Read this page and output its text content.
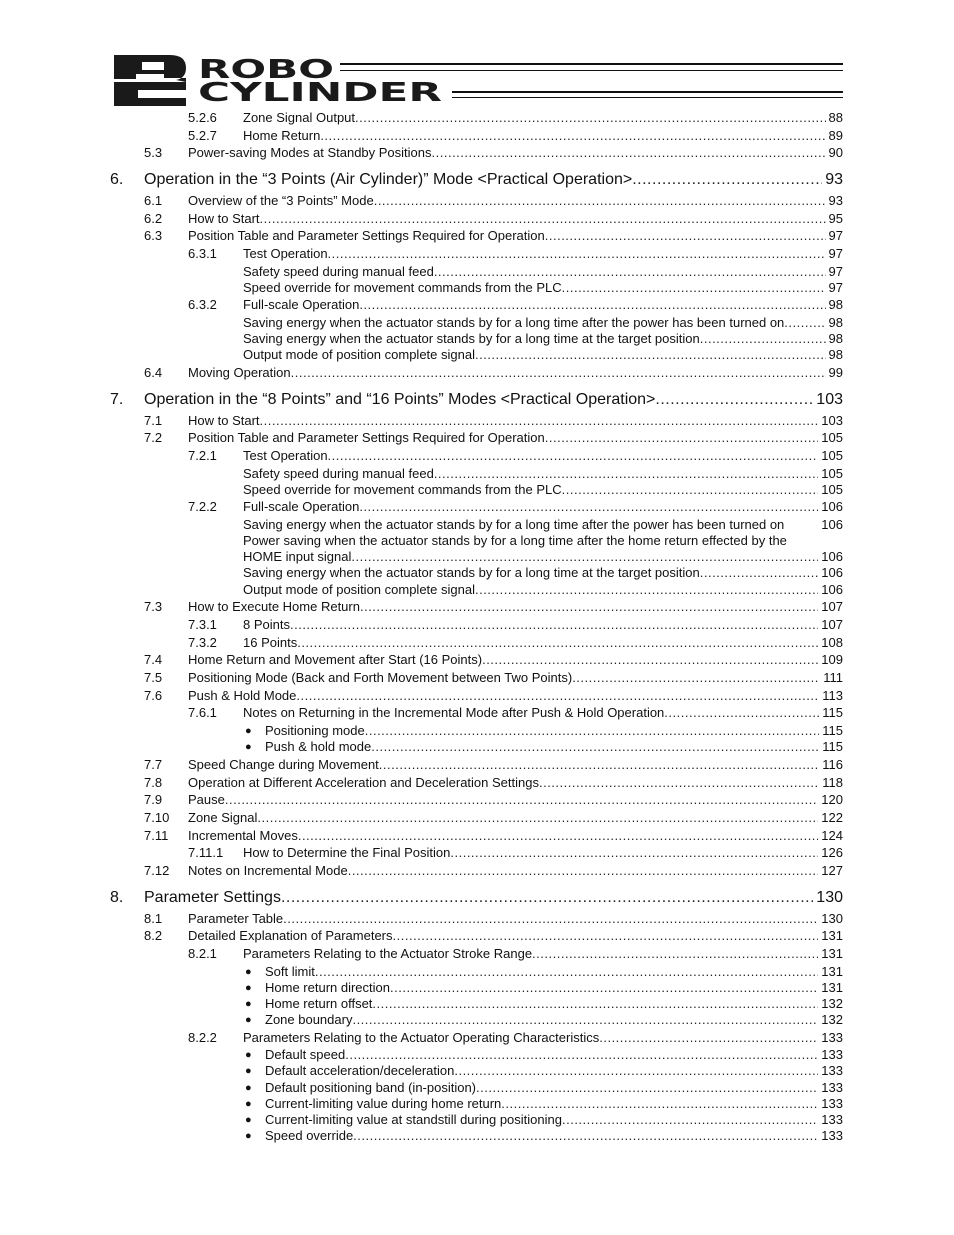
ROBO
CYLINDER
5.2.6 Zone Signal Output .....	88
5.2.7 Home Return .....	89
5.3 Power-saving Modes at Standby Positions .....	90
6. Operation in the “3 Points (Air Cylinder)” Mode <Practical Operation> .....	93
6.1 Overview of the “3 Points” Mode .....	93
6.2 How to Start .....	95
6.3 Position Table and Parameter Settings Required for Operation .....	97
6.3.1 Test Operation .....	97
Safety speed during manual feed .....	97
Speed override for movement commands from the PLC .....	97
6.3.2 Full-scale Operation .....	98
Saving energy when the actuator stands by for a long time after the power has been turned on .....	98
Saving energy when the actuator stands by for a long time at the target position .....	98
Output mode of position complete signal .....	98
6.4 Moving Operation .....	99
7. Operation in the “8 Points” and “16 Points” Modes <Practical Operation> .....	103
7.1 How to Start .....	103
7.2 Position Table and Parameter Settings Required for Operation .....	105
7.2.1 Test Operation .....	105
Safety speed during manual feed .....	105
Speed override for movement commands from the PLC .....	105
7.2.2 Full-scale Operation .....	106
Saving energy when the actuator stands by for a long time after the power has been turned on	106
Power saving when the actuator stands by for a long time after the home return effected by the
HOME input signal .....	106
Saving energy when the actuator stands by for a long time at the target position .....	106
Output mode of position complete signal .....	106
7.3 How to Execute Home Return .....	107
7.3.1 8 Points .....	107
7.3.2 16 Points .....	108
7.4 Home Return and Movement after Start (16 Points) .....	109
7.5 Positioning Mode (Back and Forth Movement between Two Points) .....	111
7.6 Push & Hold Mode .....	113
7.6.1 Notes on Returning in the Incremental Mode after Push & Hold Operation .....	115
● Positioning mode .....	115
● Push & hold mode .....	115
7.7 Speed Change during Movement .....	116
7.8 Operation at Different Acceleration and Deceleration Settings .....	118
7.9 Pause .....	120
7.10 Zone Signal .....	122
7.11 Incremental Moves .....	124
7.11.1 How to Determine the Final Position .....	126
7.12 Notes on Incremental Mode .....	127
8. Parameter Settings .....	130
8.1 Parameter Table .....	130
8.2 Detailed Explanation of Parameters .....	131
8.2.1 Parameters Relating to the Actuator Stroke Range .....	131
● Soft limit .....	131
● Home return direction .....	131
● Home return offset .....	132
● Zone boundary .....	132
8.2.2 Parameters Relating to the Actuator Operating Characteristics .....	133
● Default speed .....	133
● Default acceleration/deceleration .....	133
● Default positioning band (in-position) .....	133
● Current-limiting value during home return .....	133
● Current-limiting value at standstill during positioning .....	133
● Speed override .....	133
